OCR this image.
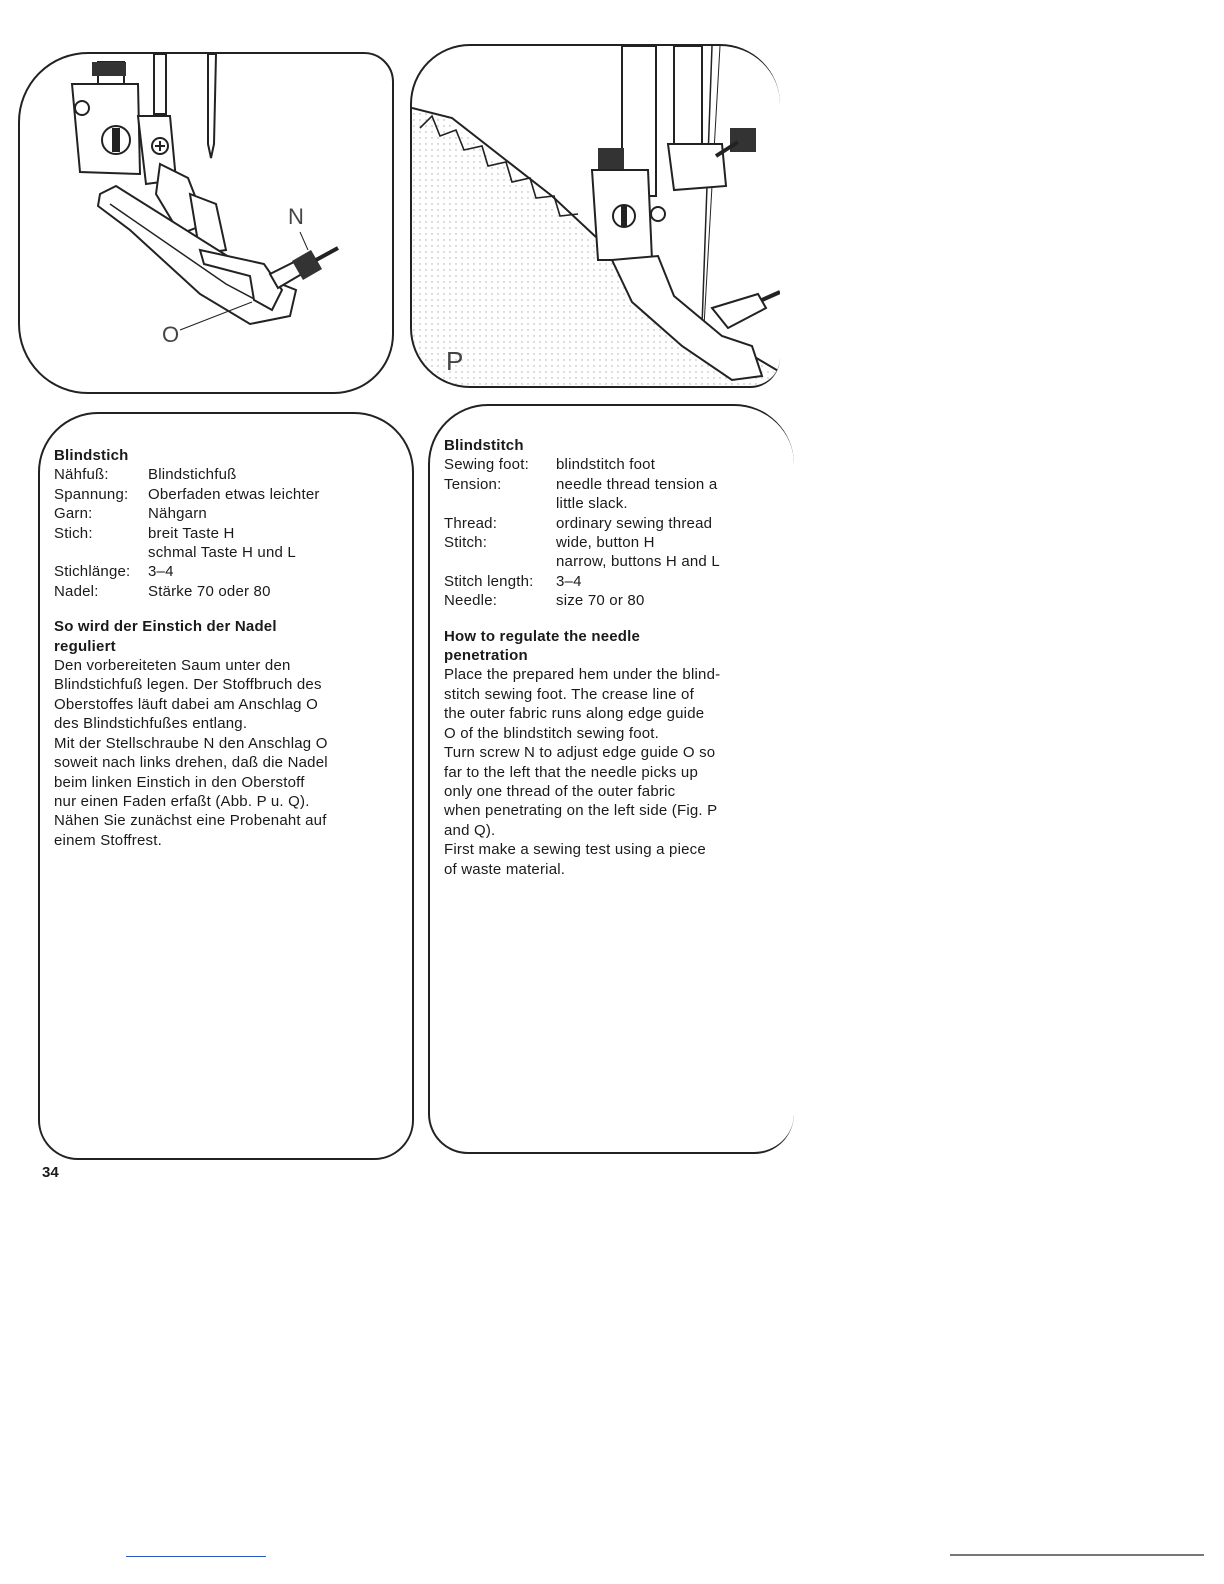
N
O
P
Blindstich
Nähfuß:	Blindstichfuß
Spannung:	Oberfaden etwas leichter
Garn:	Nähgarn
Stich:	breit Taste H
schmal Taste H und L
Stichlänge:	3–4
Nadel:	Stärke 70 oder 80
So wird der Einstich der Nadel
reguliert
Den vorbereiteten Saum unter den
Blindstichfuß legen. Der Stoffbruch des
Oberstoffes läuft dabei am Anschlag O
des Blindstichfußes entlang.
Mit der Stellschraube N den Anschlag O
soweit nach links drehen, daß die Nadel
beim linken Einstich in den Oberstoff
nur einen Faden erfaßt (Abb. P u. Q).
Nähen Sie zunächst eine Probenaht auf
einem Stoffrest.
Blindstitch
Sewing foot:	blindstitch foot
Tension:	needle thread tension a
little slack.
Thread:	ordinary sewing thread
Stitch:	wide, button H
narrow, buttons H and L
Stitch length:	3–4
Needle:	size 70 or 80
How to regulate the needle
penetration
Place the prepared hem under the blind-
stitch sewing foot. The crease line of
the outer fabric runs along edge guide
O of the blindstitch sewing foot.
Turn screw N to adjust edge guide O so
far to the left that the needle picks up
only one thread of the outer fabric
when penetrating on the left side (Fig. P
and Q).
First make a sewing test using a piece
of waste material.
34
